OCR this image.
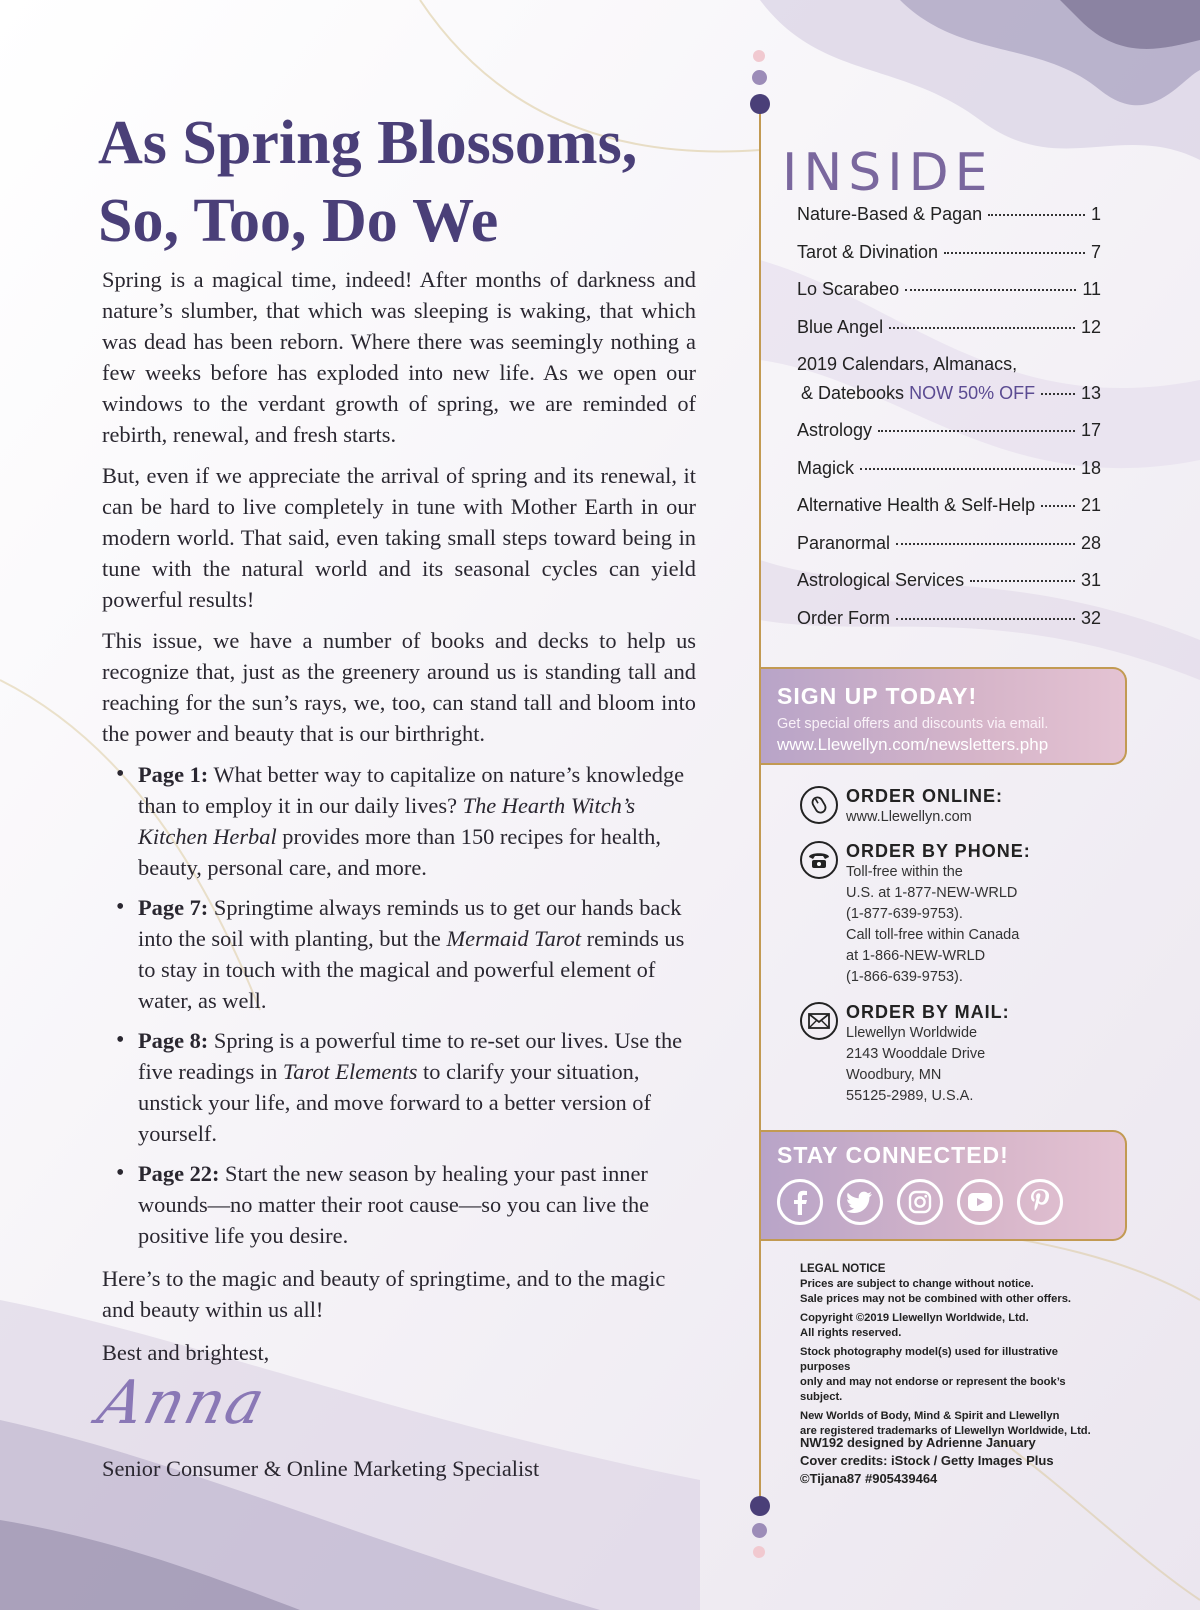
As Spring Blossoms,
So, Too, Do We

Spring is a magical time, indeed! After months of darkness and nature’s slumber, that which was sleeping is waking, that which was dead has been reborn. Where there was seemingly nothing a few weeks before has exploded into new life. As we open our windows to the verdant growth of spring, we are reminded of rebirth, renewal, and fresh starts.

But, even if we appreciate the arrival of spring and its renewal, it can be hard to live completely in tune with Mother Earth in our modern world. That said, even taking small steps toward being in tune with the natural world and its seasonal cycles can yield powerful results!

This issue, we have a number of books and decks to help us recognize that, just as the greenery around us is standing tall and reaching for the sun’s rays, we, too, can stand tall and bloom into the power and beauty that is our birthright.

• Page 1: What better way to capitalize on nature’s knowledge than to employ it in our daily lives? The Hearth Witch’s Kitchen Herbal provides more than 150 recipes for health, beauty, personal care, and more.
• Page 7: Springtime always reminds us to get our hands back into the soil with planting, but the Mermaid Tarot reminds us to stay in touch with the magical and powerful element of water, as well.
• Page 8: Spring is a powerful time to re-set our lives. Use the five readings in Tarot Elements to clarify your situation, unstick your life, and move forward to a better version of yourself.
• Page 22: Start the new season by healing your past inner wounds—no matter their root cause—so you can live the positive life you desire.

Here’s to the magic and beauty of springtime, and to the magic and beauty within us all!

Best and brightest,

Anna
Senior Consumer & Online Marketing Specialist
INSIDE
Nature-Based & Pagan	1
Tarot & Divination	7
Lo Scarabeo	11
Blue Angel	12
2019 Calendars, Almanacs,
& Datebooks
NOW 50% OFF	13
Astrology	17
Magick	18
Alternative Health & Self-Help	21
Paranormal	28
Astrological Services	31
Order Form	32
SIGN UP TODAY!
Get special offers and discounts via email.
www.Llewellyn.com/newsletters.php
ORDER ONLINE:
www.Llewellyn.com
ORDER BY PHONE:
Toll-free within the
U.S. at 1-877-NEW-WRLD
(1-877-639-9753).
Call toll-free within Canada
at 1-866-NEW-WRLD
(1-866-639-9753).
ORDER BY MAIL:
Llewellyn Worldwide
2143 Wooddale Drive
Woodbury, MN
55125-2989, U.S.A.
STAY CONNECTED!
LEGAL NOTICE
Prices are subject to change without notice.
Sale prices may not be combined with other offers.
Copyright ©2019 Llewellyn Worldwide, Ltd.
All rights reserved.
Stock photography model(s) used for illustrative purposes
only and may not endorse or represent the book’s subject.
New Worlds of Body, Mind & Spirit and Llewellyn
are registered trademarks of Llewellyn Worldwide, Ltd.
NW192 designed by Adrienne January
Cover credits: iStock / Getty Images Plus
©Tijana87 #905439464
